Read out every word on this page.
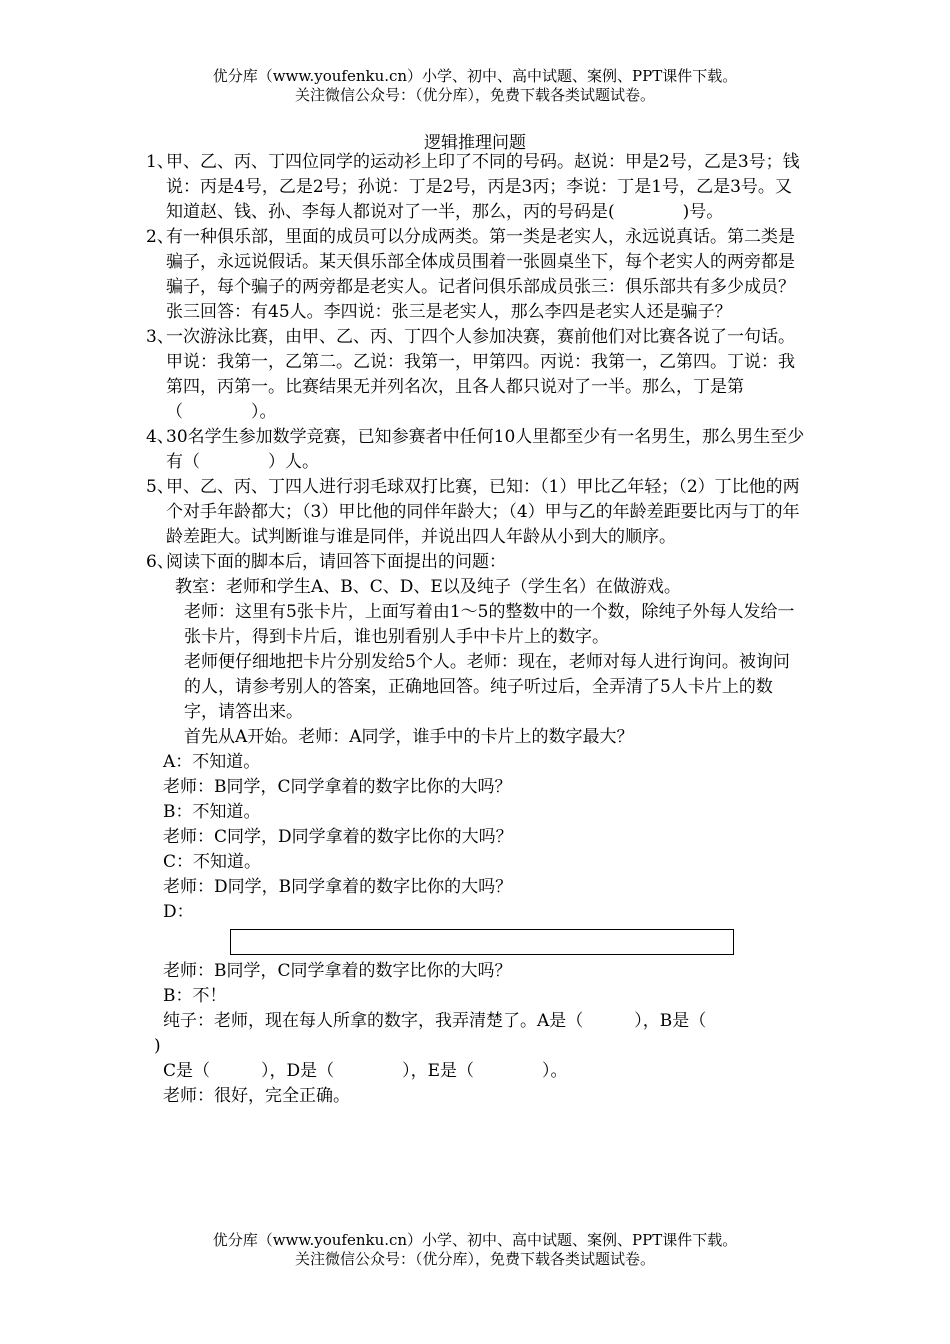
优分库（www.youfenku.cn）小学、初中、高中试题、案例、PPT课件下载。
关注微信公众号：（优分库），免费下载各类试题试卷。
逻辑推理问题
1、
甲、乙、丙、丁四位同学的运动衫上印了不同的号码。赵说：甲是2号，乙是3号；钱说：丙是4号，乙是2号；孙说：丁是2号，丙是3丙；李说：丁是1号，乙是3号。又知道赵、钱、孙、李每人都说对了一半，那么，丙的号码是(　　　　)号。
2、
有一种俱乐部，里面的成员可以分成两类。第一类是老实人，永远说真话。第二类是骗子，永远说假话。某天俱乐部全体成员围着一张圆桌坐下，每个老实人的两旁都是骗子，每个骗子的两旁都是老实人。记者问俱乐部成员张三：俱乐部共有多少成员？张三回答：有45人。李四说：张三是老实人，那么李四是老实人还是骗子？
3、
一次游泳比赛，由甲、乙、丙、丁四个人参加决赛，赛前他们对比赛各说了一句话。甲说：我第一，乙第二。乙说：我第一，甲第四。丙说：我第一，乙第四。丁说：我第四，丙第一。比赛结果无并列名次，且各人都只说对了一半。那么，丁是第（　　　　）。
4、
30名学生参加数学竞赛，已知参赛者中任何10人里都至少有一名男生，那么男生至少有（　　　　）人。
5、
甲、乙、丙、丁四人进行羽毛球双打比赛，已知：（1）甲比乙年轻；（2）丁比他的两个对手年龄都大；（3）甲比他的同伴年龄大；（4）甲与乙的年龄差距要比丙与丁的年龄差距大。试判断谁与谁是同伴，并说出四人年龄从小到大的顺序。
6、
阅读下面的脚本后，请回答下面提出的问题：
教室：老师和学生A、B、C、D、E以及纯子（学生名）在做游戏。
老师：这里有5张卡片，上面写着由1～5的整数中的一个数，除纯子外每人发给一张卡片，得到卡片后，谁也别看别人手中卡片上的数字。
老师便仔细地把卡片分别发给5个人。老师：现在，老师对每人进行询问。被询问的人，请参考别人的答案，正确地回答。纯子听过后，全弄清了5人卡片上的数字，请答出来。
首先从A开始。老师：A同学，谁手中的卡片上的数字最大？
A：不知道。
老师：B同学，C同学拿着的数字比你的大吗？
B：不知道。
老师：C同学，D同学拿着的数字比你的大吗？
C：不知道。
老师：D同学，B同学拿着的数字比你的大吗？
D：
老师：B同学，C同学拿着的数字比你的大吗？
B：不！
纯子：老师，现在每人所拿的数字，我弄清楚了。A是（　　　），B是（
)
C是（　　　），D是（　　　　），E是（　　　　）。
老师：很好，完全正确。
优分库（www.youfenku.cn）小学、初中、高中试题、案例、PPT课件下载。
关注微信公众号：（优分库），免费下载各类试题试卷。
